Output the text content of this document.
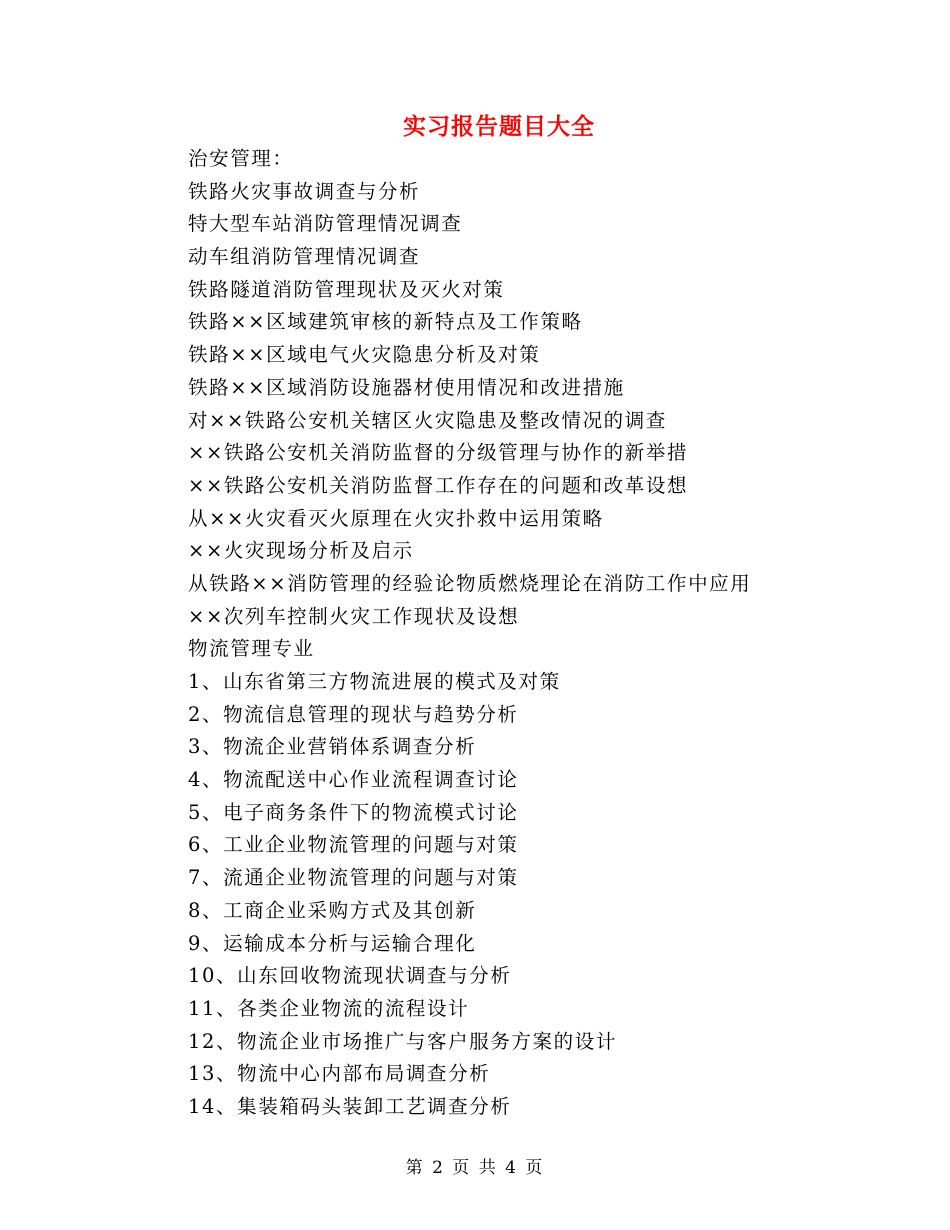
实习报告题目大全
治安管理：
铁路火灾事故调查与分析
特大型车站消防管理情况调查
动车组消防管理情况调查
铁路隧道消防管理现状及灭火对策
铁路××区域建筑审核的新特点及工作策略
铁路××区域电气火灾隐患分析及对策
铁路××区域消防设施器材使用情况和改进措施
对××铁路公安机关辖区火灾隐患及整改情况的调查
××铁路公安机关消防监督的分级管理与协作的新举措
××铁路公安机关消防监督工作存在的问题和改革设想
从××火灾看灭火原理在火灾扑救中运用策略
××火灾现场分析及启示
从铁路××消防管理的经验论物质燃烧理论在消防工作中应用
××次列车控制火灾工作现状及设想
物流管理专业
1、山东省第三方物流进展的模式及对策
2、物流信息管理的现状与趋势分析
3、物流企业营销体系调查分析
4、物流配送中心作业流程调查讨论
5、电子商务条件下的物流模式讨论
6、工业企业物流管理的问题与对策
7、流通企业物流管理的问题与对策
8、工商企业采购方式及其创新
9、运输成本分析与运输合理化
10、山东回收物流现状调查与分析
11、各类企业物流的流程设计
12、物流企业市场推广与客户服务方案的设计
13、物流中心内部布局调查分析
14、集装箱码头装卸工艺调查分析
第 2 页 共 4 页
